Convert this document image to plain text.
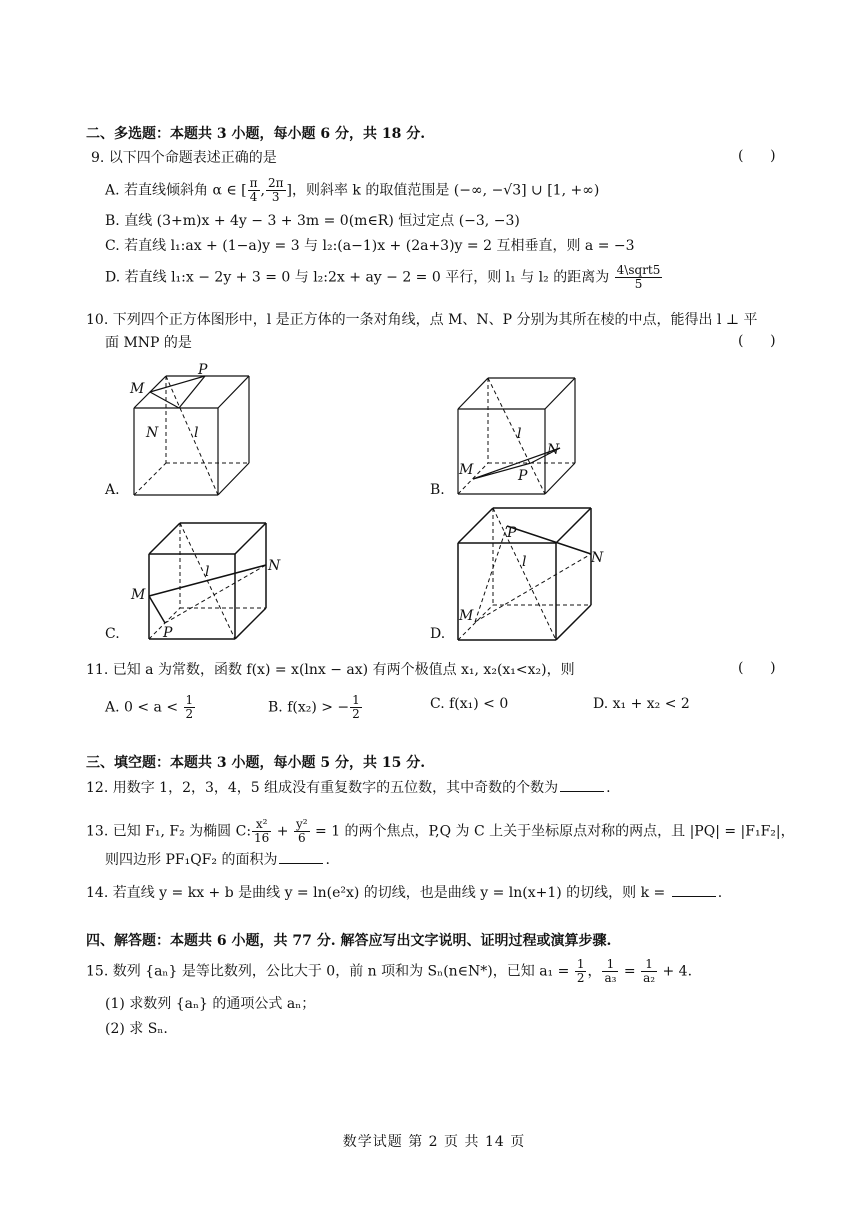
二、多选题：本题共 3 小题，每小题 6 分，共 18 分.
9. 以下四个命题表述正确的是	(      )
A. 若直线倾斜角 α ∈ [ $\frac{\pi}{4}$ , $\frac{2\pi}{3}$ ]，则斜率 k 的取值范围是 (−∞, −√3] ∪ [1, +∞)
B. 直线 (3+m)x + 4y − 3 + 3m = 0(m∈R) 恒过定点 (−3, −3)
C. 若直线 l₁:ax + (1−a)y = 3 与 l₂:(a−1)x + (2a+3)y = 2 互相垂直，则 a = −3
D. 若直线 l₁:x − 2y + 3 = 0 与 l₂:2x + ay − 2 = 0 平行，则 l₁ 与 l₂ 的距离为 $\frac{\text{4\textbackslash{}sqrt5}}{5}$
10. 下列四个正方体图形中，l 是正方体的一条对角线，点 M、N、P 分别为其所在棱的中点，能得出 l ⊥ 平
面 MNP 的是	(      )
A.
M
P
N	l
B.
M
N
P
l
C.
M
N
P
l
D.
M
N
P
l
11. 已知 a 为常数，函数 f(x) = x(lnx − ax) 有两个极值点 x₁, x₂(x₁<x₂)，则	(      )
A. $0 < a < \frac{1}{2}$	B. f(x₂) > − $\frac{1}{2}$	C. f(x₁) < 0	D. x₁ + x₂ < 2
三、填空题：本题共 3 小题，每小题 5 分，共 15 分.
12. 用数字 1，2，3，4，5 组成没有重复数字的五位数，其中奇数的个数为	.
13. 已知 F₁, F₂ 为椭圆 C: $\frac{\text{x²}}{16} + \frac{\text{y²}}{6} = 1$ 的两个焦点，P,Q 为 C 上关于坐标原点对称的两点，且 |PQ| = |F₁F₂|，
则四边形 PF₁QF₂ 的面积为	.
14. 若直线 y = kx + b 是曲线 y = ln(e²x) 的切线，也是曲线 y = ln(x+1) 的切线，则 k =	.
四、解答题：本题共 6 小题，共 77 分. 解答应写出文字说明、证明过程或演算步骤.
15. 数列 {aₙ} 是等比数列，公比大于 0，前 n 项和为 Sₙ(n∈N*)，已知 $a_1 = \frac{1}{2}$ ， $\frac{1}{\text{a₃}} = \frac{1}{\text{a₂}} + 4$.
(1) 求数列 {aₙ} 的通项公式 aₙ；
(2) 求 Sₙ.
数学试题 第 2 页 共 14 页
